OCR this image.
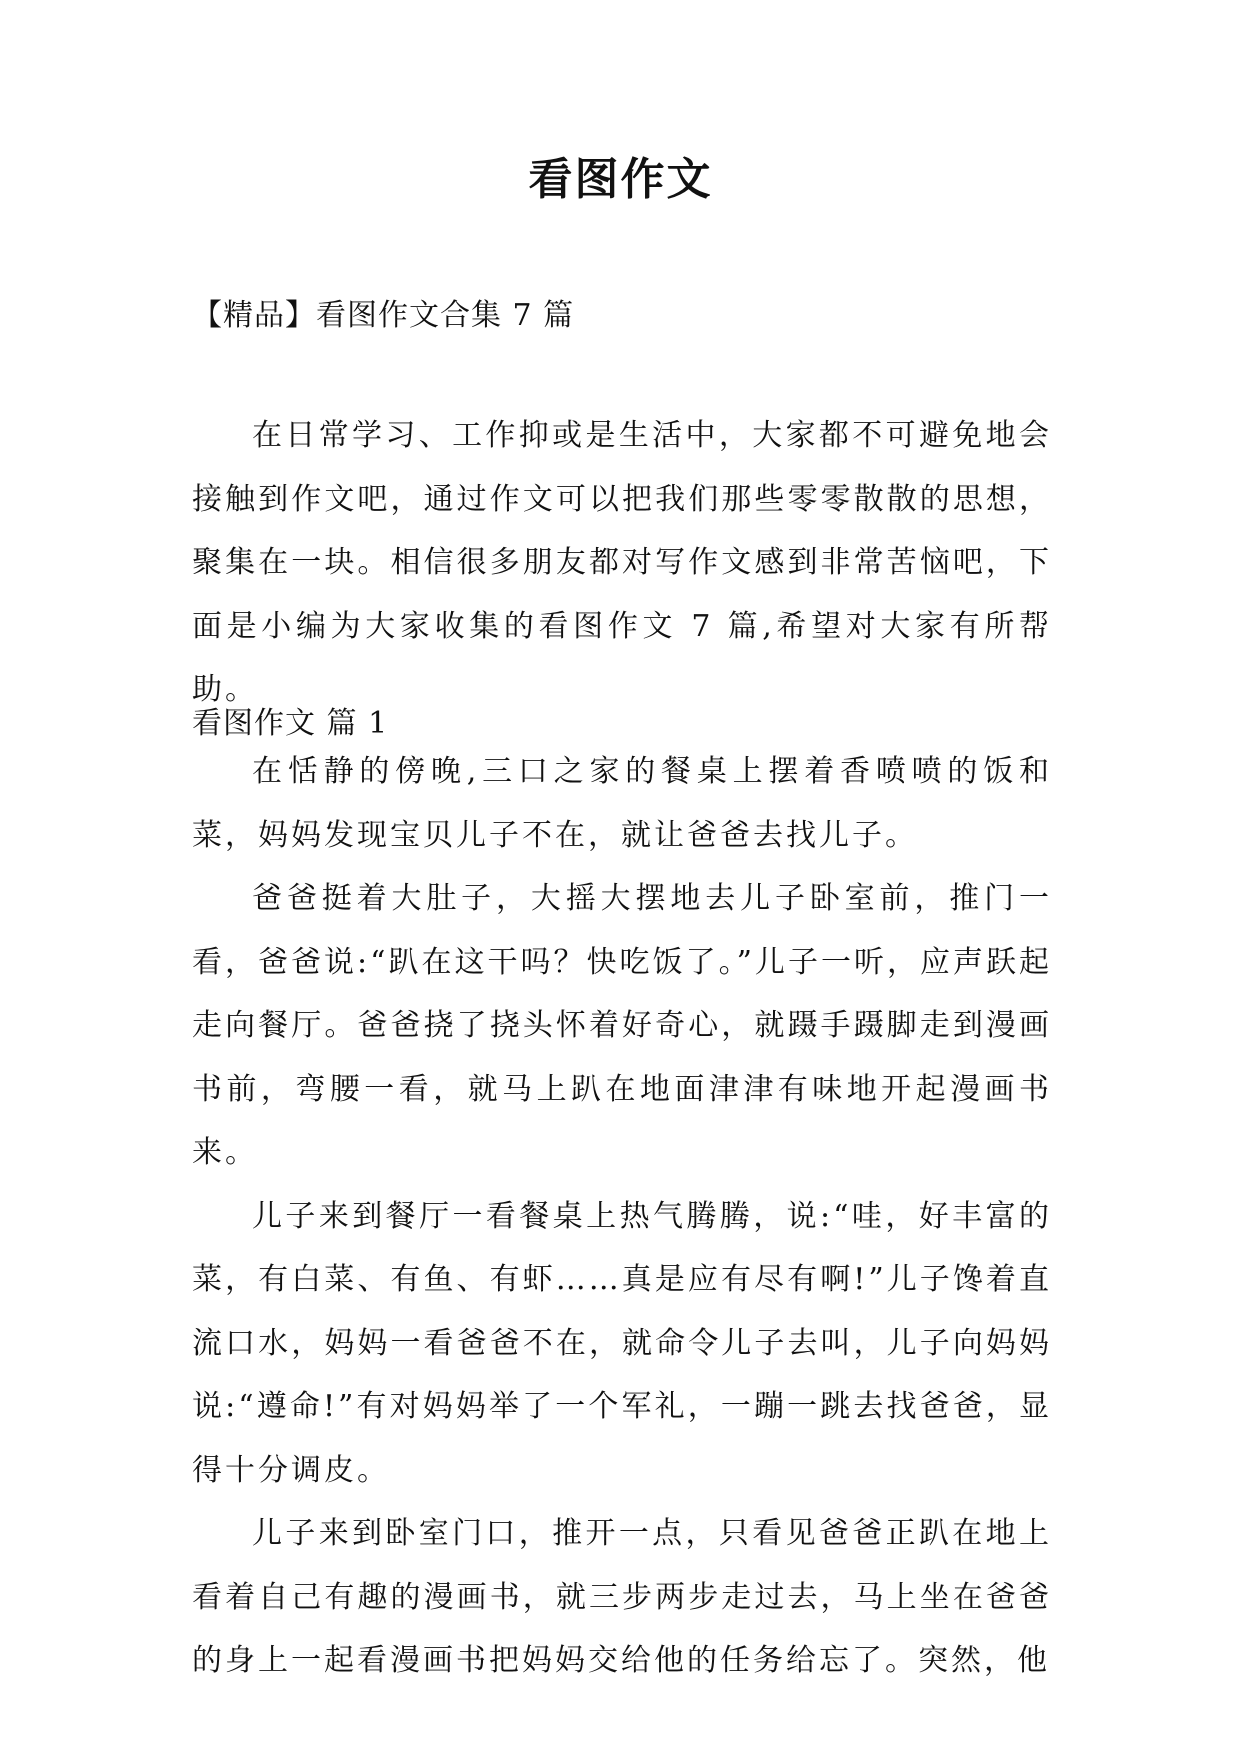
看图作文
【精品】看图作文合集 7 篇

在日常学习、工作抑或是生活中，大家都不可避免地会接触到作文吧，通过作文可以把我们那些零零散散的思想，聚集在一块。相信很多朋友都对写作文感到非常苦恼吧，下面是小编为大家收集的看图作文 7 篇,希望对大家有所帮助。

看图作文 篇 1

在恬静的傍晚,三口之家的餐桌上摆着香喷喷的饭和菜，妈妈发现宝贝儿子不在，就让爸爸去找儿子。

爸爸挺着大肚子，大摇大摆地去儿子卧室前，推门一看，爸爸说:“趴在这干吗？快吃饭了。”儿子一听，应声跃起走向餐厅。爸爸挠了挠头怀着好奇心，就蹑手蹑脚走到漫画书前，弯腰一看，就马上趴在地面津津有味地开起漫画书来。

儿子来到餐厅一看餐桌上热气腾腾，说:“哇，好丰富的菜，有白菜、有鱼、有虾……真是应有尽有啊!”儿子馋着直流口水，妈妈一看爸爸不在，就命令儿子去叫，儿子向妈妈说:“遵命!”有对妈妈举了一个军礼，一蹦一跳去找爸爸，显得十分调皮。

儿子来到卧室门口，推开一点，只看见爸爸正趴在地上看着自己有趣的漫画书，就三步两步走过去，马上坐在爸爸的身上一起看漫画书把妈妈交给他的任务给忘了。突然，他
